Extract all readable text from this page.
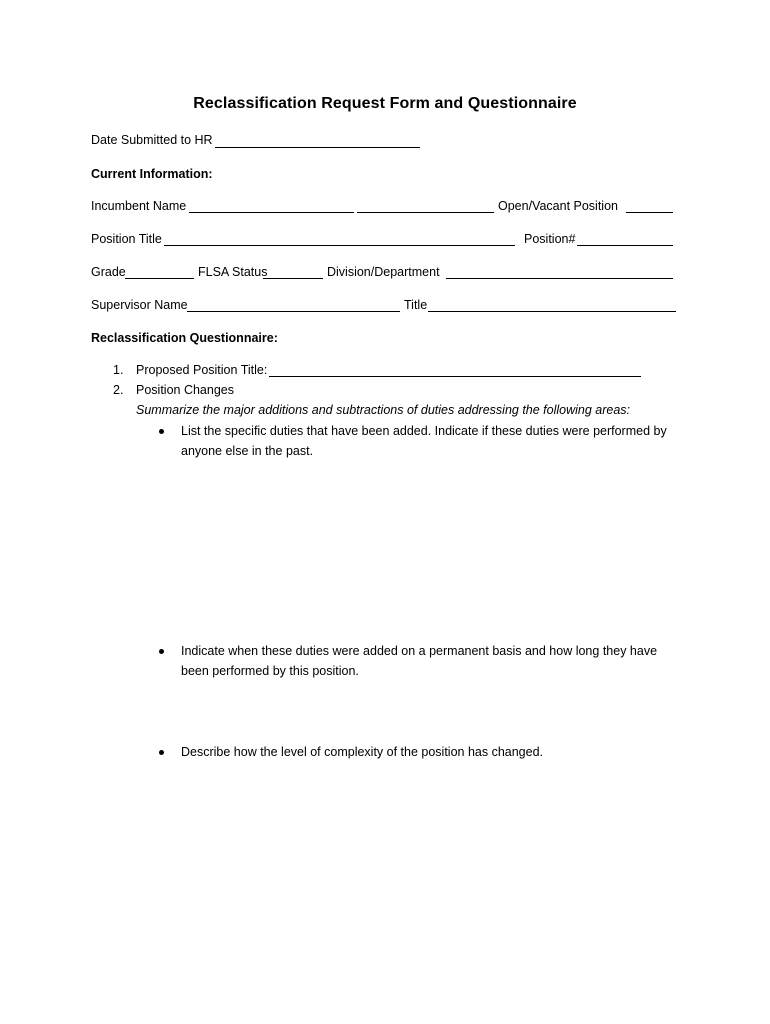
Reclassification Request Form and Questionnaire
Date Submitted to HR
Current Information:
Incumbent Name	Open/Vacant Position
Position Title	Position#
Grade	FLSA Status	Division/Department
Supervisor Name	Title
Reclassification Questionnaire:
1. Proposed Position Title:
2. Position Changes
Summarize the major additions and subtractions of duties addressing the following areas:
List the specific duties that have been added. Indicate if these duties were performed by
anyone else in the past.
Indicate when these duties were added on a permanent basis and how long they have
been performed by this position.
Describe how the level of complexity of the position has changed.
